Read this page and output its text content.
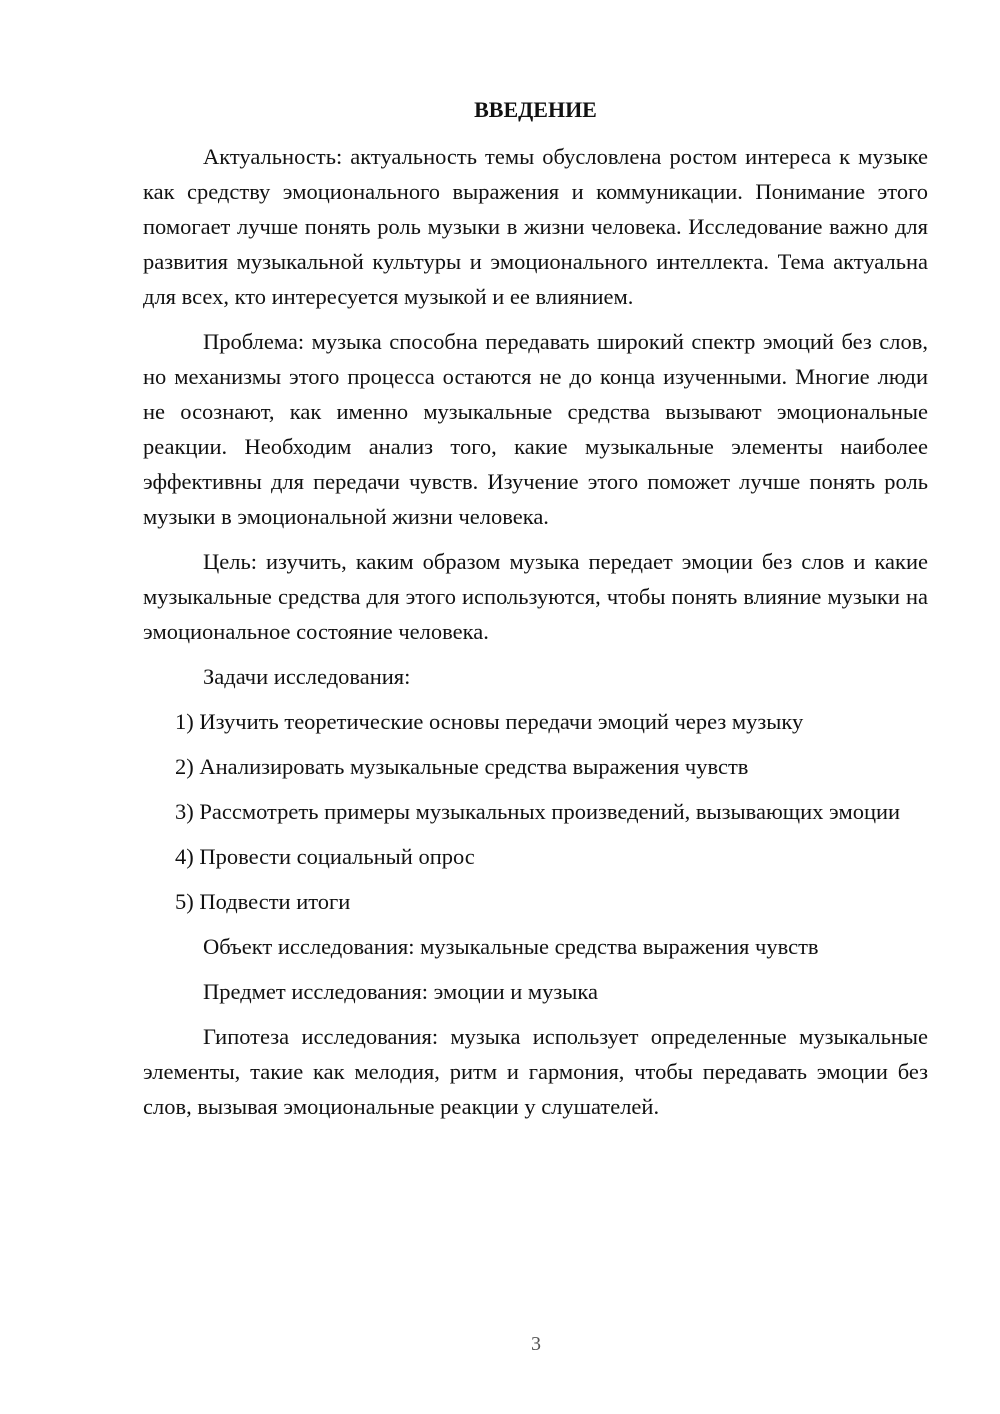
ВВЕДЕНИЕ

Актуальность: актуальность темы обусловлена ростом интереса к музыке как средству эмоционального выражения и коммуникации. Понимание этого помогает лучше понять роль музыки в жизни человека. Исследование важно для развития музыкальной культуры и эмоционального интеллекта. Тема актуальна для всех, кто интересуется музыкой и ее влиянием.

Проблема: музыка способна передавать широкий спектр эмоций без слов, но механизмы этого процесса остаются не до конца изученными. Многие люди не осознают, как именно музыкальные средства вызывают эмоциональные реакции. Необходим анализ того, какие музыкальные элементы наиболее эффективны для передачи чувств. Изучение этого поможет лучше понять роль музыки в эмоциональной жизни человека.

Цель: изучить, каким образом музыка передает эмоции без слов и какие музыкальные средства для этого используются, чтобы понять влияние музыки на эмоциональное состояние человека.

Задачи исследования:

1) Изучить теоретические основы передачи эмоций через музыку

2) Анализировать музыкальные средства выражения чувств

3) Рассмотреть примеры музыкальных произведений, вызывающих эмоции

4) Провести социальный опрос

5) Подвести итоги

Объект исследования: музыкальные средства выражения чувств

Предмет исследования: эмоции и музыка

Гипотеза исследования: музыка использует определенные музыкальные элементы, такие как мелодия, ритм и гармония, чтобы передавать эмоции без слов, вызывая эмоциональные реакции у слушателей.

3
